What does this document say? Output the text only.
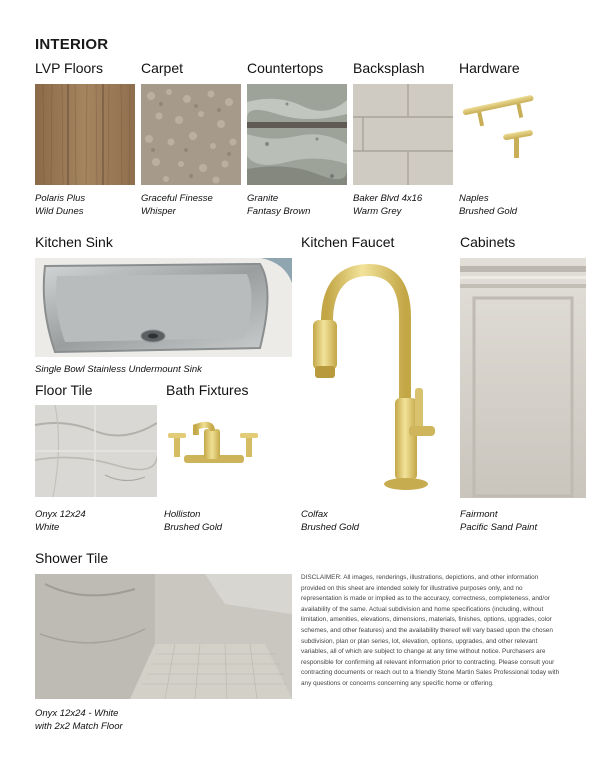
INTERIOR
LVP Floors	Carpet	Countertops Backsplash Hardware
Polaris Plus
Wild Dunes
Graceful Finesse
Whisper
Granite
Fantasy Brown
Baker Blvd 4x16
Warm Grey
Naples
Brushed Gold
Kitchen Sink	Kitchen Faucet	Cabinets
Single Bowl Stainless Undermount Sink
Floor Tile	Bath Fixtures
Onyx 12x24
White
Holliston
Brushed Gold
Colfax
Brushed Gold
Fairmont
Pacific Sand Paint
Shower Tile
DISCLAIMER: All images, renderings, illustrations, depictions, and other information provided on this sheet are intended solely for illustrative purposes only, and no representation is made or implied as to the accuracy, correctness, completeness, and/or availability of the same. Actual subdivision and home specifications (including, without limitation, amenities, elevations, dimensions, materials, finishes, options, upgrades, color schemes, and other features) and the availability thereof will vary based upon the chosen subdivision, plan or plan series, lot, elevation, options, upgrades, and other relevant variables, all of which are subject to change at any time without notice. Purchasers are responsible for confirming all relevant information prior to contracting. Please consult your contracting documents or reach out to a friendly Stone Martin Sales Professional today with any questions or concerns concerning any specific home or offering.
Onyx 12x24 - White
with 2x2 Match Floor
